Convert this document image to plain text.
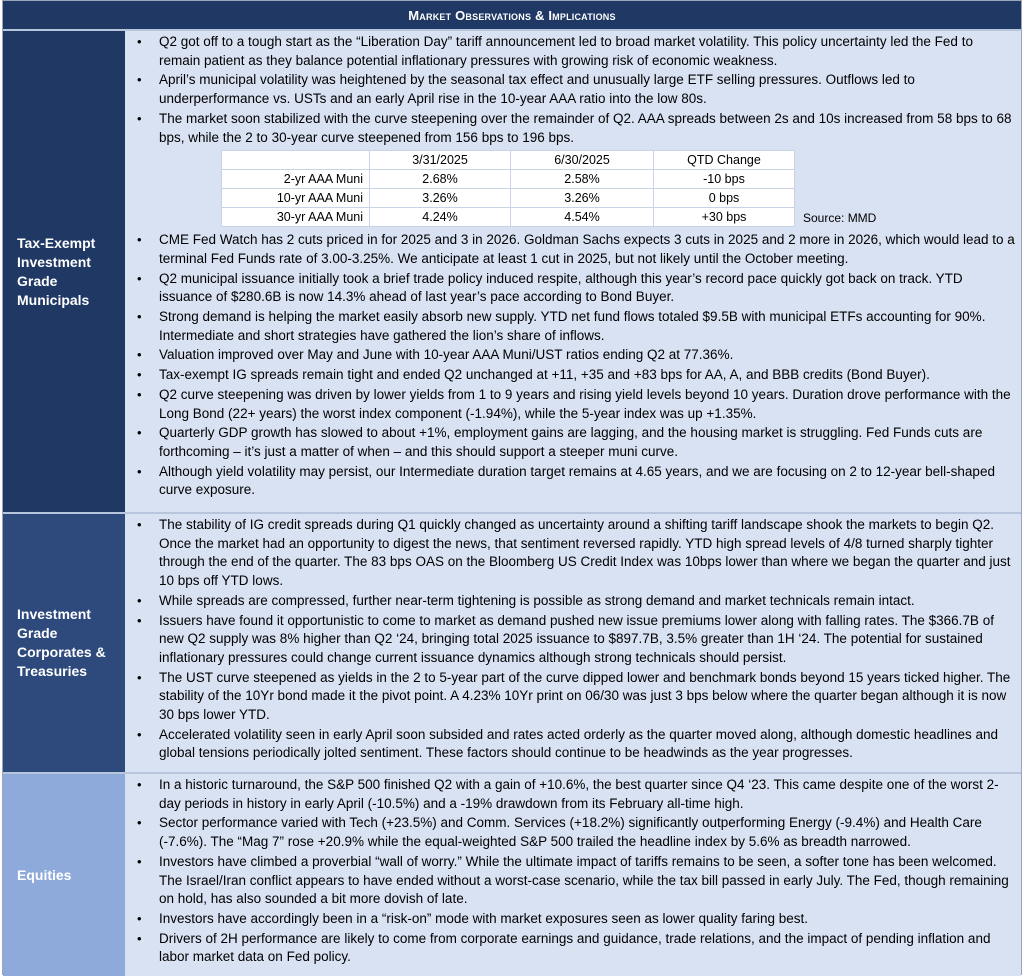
Market Observations & Implications
Tax-Exempt Investment Grade Municipals
• Q2 got off to a tough start as the “Liberation Day” tariff announcement led to broad market volatility. This policy uncertainty led the Fed to remain patient as they balance potential inflationary pressures with growing risk of economic weakness.
• April’s municipal volatility was heightened by the seasonal tax effect and unusually large ETF selling pressures. Outflows led to underperformance vs. USTs and an early April rise in the 10-year AAA ratio into the low 80s.
• The market soon stabilized with the curve steepening over the remainder of Q2. AAA spreads between 2s and 10s increased from 58 bps to 68 bps, while the 2 to 30-year curve steepened from 156 bps to 196 bps.
	3/31/2025	6/30/2025	QTD Change
2-yr AAA Muni	2.68%	2.58%	-10 bps
10-yr AAA Muni	3.26%	3.26%	0 bps
30-yr AAA Muni	4.24%	4.54%	+30 bps	Source: MMD
• CME Fed Watch has 2 cuts priced in for 2025 and 3 in 2026. Goldman Sachs expects 3 cuts in 2025 and 2 more in 2026, which would lead to a terminal Fed Funds rate of 3.00-3.25%. We anticipate at least 1 cut in 2025, but not likely until the October meeting.
• Q2 municipal issuance initially took a brief trade policy induced respite, although this year’s record pace quickly got back on track. YTD issuance of $280.6B is now 14.3% ahead of last year’s pace according to Bond Buyer.
• Strong demand is helping the market easily absorb new supply. YTD net fund flows totaled $9.5B with municipal ETFs accounting for 90%. Intermediate and short strategies have gathered the lion’s share of inflows.
• Valuation improved over May and June with 10-year AAA Muni/UST ratios ending Q2 at 77.36%.
• Tax-exempt IG spreads remain tight and ended Q2 unchanged at +11, +35 and +83 bps for AA, A, and BBB credits (Bond Buyer).
• Q2 curve steepening was driven by lower yields from 1 to 9 years and rising yield levels beyond 10 years. Duration drove performance with the Long Bond (22+ years) the worst index component (-1.94%), while the 5-year index was up +1.35%.
• Quarterly GDP growth has slowed to about +1%, employment gains are lagging, and the housing market is struggling. Fed Funds cuts are forthcoming – it’s just a matter of when – and this should support a steeper muni curve.
• Although yield volatility may persist, our Intermediate duration target remains at 4.65 years, and we are focusing on 2 to 12-year bell-shaped curve exposure.
Investment Grade Corporates & Treasuries
• The stability of IG credit spreads during Q1 quickly changed as uncertainty around a shifting tariff landscape shook the markets to begin Q2. Once the market had an opportunity to digest the news, that sentiment reversed rapidly. YTD high spread levels of 4/8 turned sharply tighter through the end of the quarter. The 83 bps OAS on the Bloomberg US Credit Index was 10bps lower than where we began the quarter and just 10 bps off YTD lows.
• While spreads are compressed, further near-term tightening is possible as strong demand and market technicals remain intact.
• Issuers have found it opportunistic to come to market as demand pushed new issue premiums lower along with falling rates. The $366.7B of new Q2 supply was 8% higher than Q2 ‘24, bringing total 2025 issuance to $897.7B, 3.5% greater than 1H ‘24. The potential for sustained inflationary pressures could change current issuance dynamics although strong technicals should persist.
• The UST curve steepened as yields in the 2 to 5-year part of the curve dipped lower and benchmark bonds beyond 15 years ticked higher. The stability of the 10Yr bond made it the pivot point. A 4.23% 10Yr print on 06/30 was just 3 bps below where the quarter began although it is now 30 bps lower YTD.
• Accelerated volatility seen in early April soon subsided and rates acted orderly as the quarter moved along, although domestic headlines and global tensions periodically jolted sentiment. These factors should continue to be headwinds as the year progresses.
Equities
• In a historic turnaround, the S&P 500 finished Q2 with a gain of +10.6%, the best quarter since Q4 ‘23. This came despite one of the worst 2-day periods in history in early April (-10.5%) and a -19% drawdown from its February all-time high.
• Sector performance varied with Tech (+23.5%) and Comm. Services (+18.2%) significantly outperforming Energy (-9.4%) and Health Care (-7.6%). The “Mag 7” rose +20.9% while the equal-weighted S&P 500 trailed the headline index by 5.6% as breadth narrowed.
• Investors have climbed a proverbial “wall of worry.” While the ultimate impact of tariffs remains to be seen, a softer tone has been welcomed. The Israel/Iran conflict appears to have ended without a worst-case scenario, while the tax bill passed in early July. The Fed, though remaining on hold, has also sounded a bit more dovish of late.
• Investors have accordingly been in a “risk-on” mode with market exposures seen as lower quality faring best.
• Drivers of 2H performance are likely to come from corporate earnings and guidance, trade relations, and the impact of pending inflation and labor market data on Fed policy.
